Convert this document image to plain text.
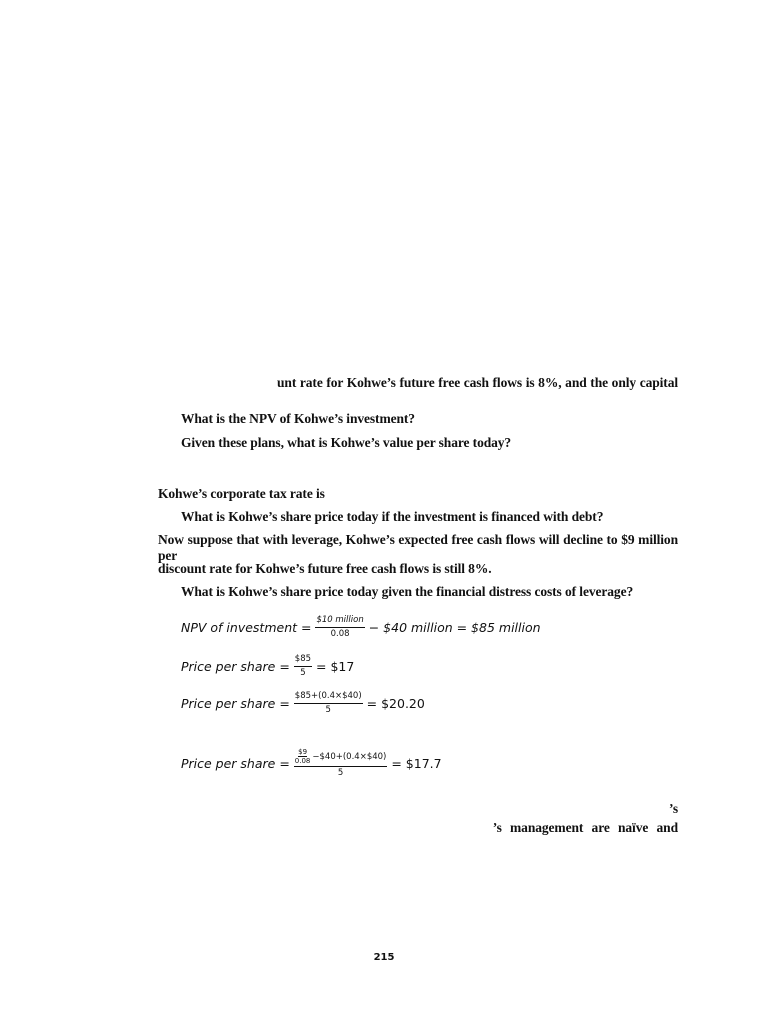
unt rate for Kohwe’s future free cash flows is 8%, and the only capital
What is the NPV of Kohwe’s investment?
Given these plans, what is Kohwe’s value per share today?
Kohwe’s corporate tax rate is
What is Kohwe’s share price today if the investment is financed with debt?
Now suppose that with leverage, Kohwe’s expected free cash flows will decline to $9 million per
discount rate for Kohwe’s future free cash flows is still 8%.
What is Kohwe’s share price today given the financial distress costs of leverage?
NPV of investment = $\frac{\text{\$10 million}}{0.08}$ − $40 million = $85 million
Price per share = $\frac{\$85}{5}$ = $17
Price per share = $\frac{\$85+(0.4\times\$40)}{5}$ = $20.20
Price per share = $\frac{\frac{\$9}{0.08} -\$40+(0.4\times\$40)}{5}$ = $17.7
’s
’s management are naïve and
215
